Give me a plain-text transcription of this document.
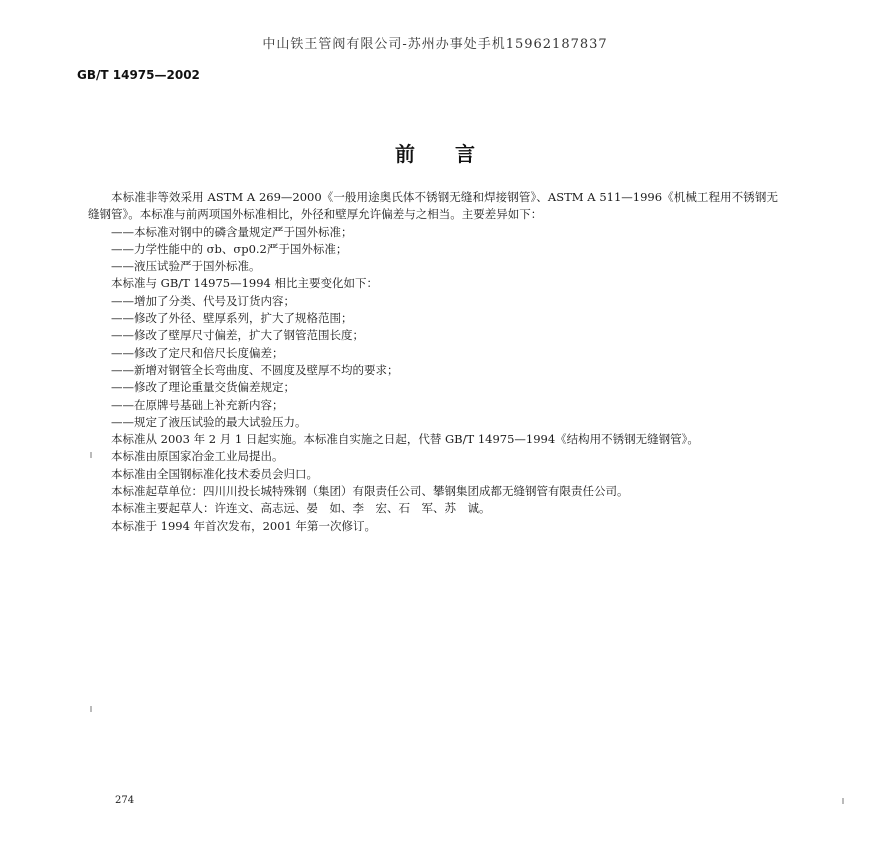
中山铁王管阀有限公司-苏州办事处手机15962187837
GB/T 14975—2002
前言

本标准非等效采用 ASTM A 269—2000《一般用途奥氏体不锈钢无缝和焊接钢管》、ASTM A 511—1996《机械工程用不锈钢无缝钢管》。本标准与前两项国外标准相比，外径和壁厚允许偏差与之相当。主要差异如下：

——本标准对钢中的磷含量规定严于国外标准；

——力学性能中的 σb、σp0.2严于国外标准；

——液压试验严于国外标准。

本标准与 GB/T 14975—1994 相比主要变化如下：

——增加了分类、代号及订货内容；

——修改了外径、壁厚系列，扩大了规格范围；

——修改了壁厚尺寸偏差，扩大了钢管范围长度；

——修改了定尺和倍尺长度偏差；

——新增对钢管全长弯曲度、不圆度及壁厚不均的要求；

——修改了理论重量交货偏差规定；

——在原牌号基础上补充新内容；

——规定了液压试验的最大试验压力。

本标准从 2003 年 2 月 1 日起实施。本标准自实施之日起，代替 GB/T 14975—1994《结构用不锈钢无缝钢管》。

本标准由原国家冶金工业局提出。

本标准由全国钢标准化技术委员会归口。

本标准起草单位：四川川投长城特殊钢（集团）有限责任公司、攀钢集团成都无缝钢管有限责任公司。

本标准主要起草人：许连文、高志远、晏　如、李　宏、石　军、苏　诚。

本标准于 1994 年首次发布，2001 年第一次修订。

274
